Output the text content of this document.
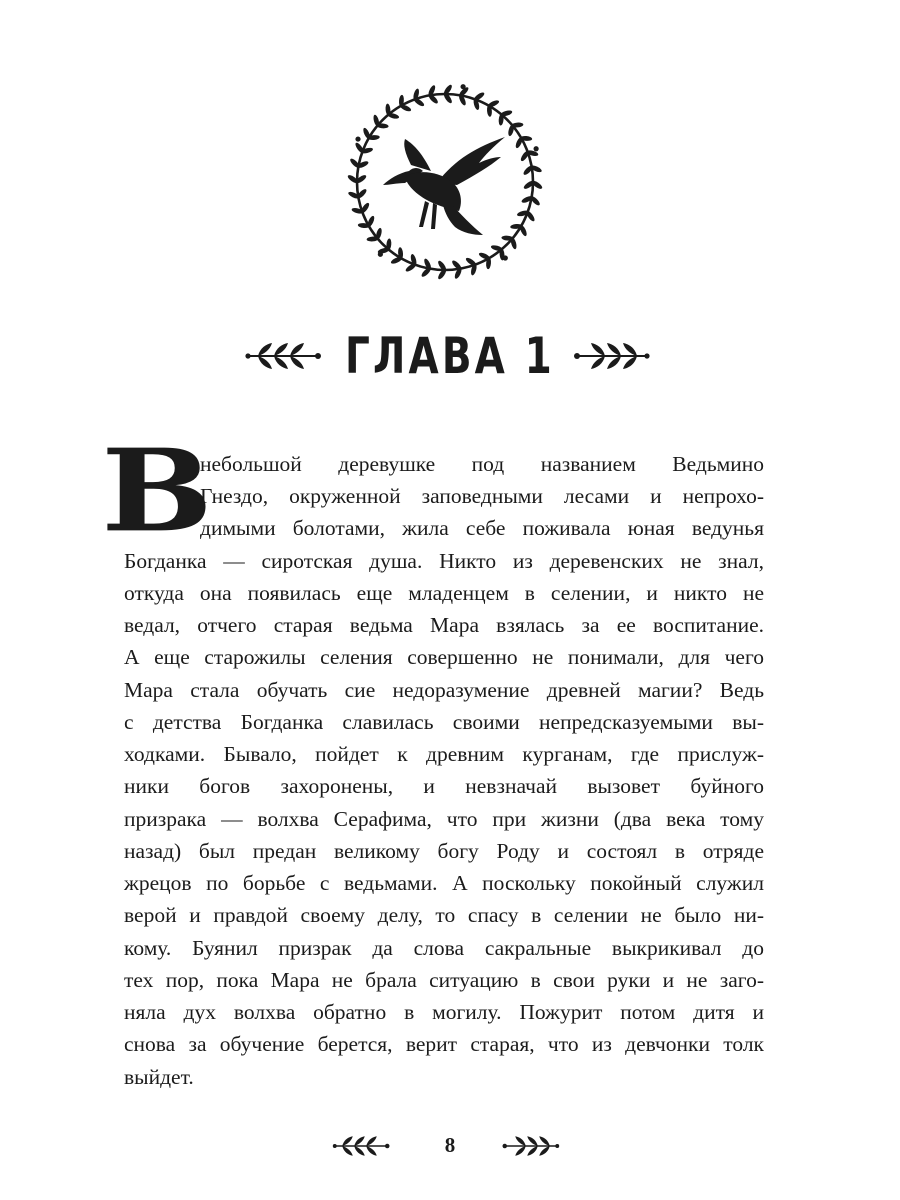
ГЛАВА 1
В
небольшой деревушке под названием Ведьмино
Гнездо, окруженной заповедными лесами и непрохо-
димыми болотами, жила себе поживала юная ведунья
Богданка — сиротская душа. Никто из деревенских не знал,
откуда она появилась еще младенцем в селении, и никто не
ведал, отчего старая ведьма Мара взялась за ее воспитание.
А еще старожилы селения совершенно не понимали, для чего
Мара стала обучать сие недоразумение древней магии? Ведь
с детства Богданка славилась своими непредсказуемыми вы-
ходками. Бывало, пойдет к древним курганам, где прислуж-
ники богов захоронены, и невзначай вызовет буйного
призрака — волхва Серафима, что при жизни (два века тому
назад) был предан великому богу Роду и состоял в отряде
жрецов по борьбе с ведьмами. А поскольку покойный служил
верой и правдой своему делу, то спасу в селении не было ни-
кому. Буянил призрак да слова сакральные выкрикивал до
тех пор, пока Мара не брала ситуацию в свои руки и не заго-
няла дух волхва обратно в могилу. Пожурит потом дитя и
снова за обучение берется, верит старая, что из девчонки толк
выйдет.
8
